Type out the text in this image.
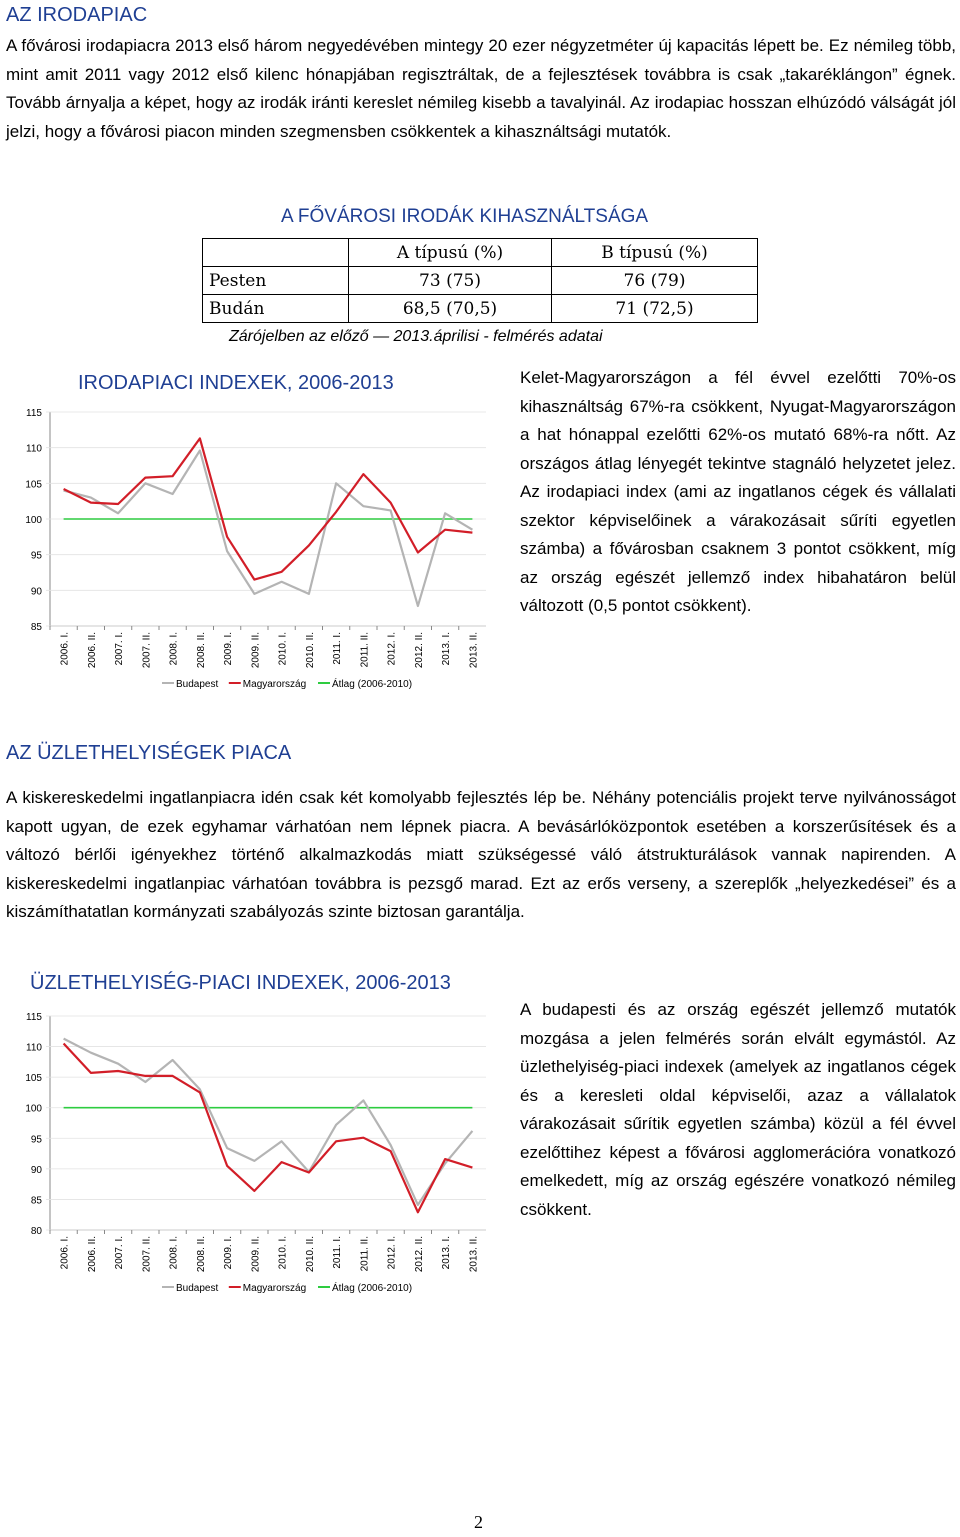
AZ IRODAPIAC
A fővárosi irodapiacra 2013 első három negyedévében mintegy 20 ezer négyzetméter új kapacitás lépett be. Ez némileg több, mint amit 2011 vagy 2012 első kilenc hónapjában regisztráltak, de a fejlesztések továbbra is csak „takaréklángon” égnek. Tovább árnyalja a képet, hogy az irodák iránti kereslet némileg kisebb a tavalyinál. Az irodapiac hosszan elhúzódó válságát jól jelzi, hogy a fővárosi piacon minden szegmensben csökkentek a kihasználtsági mutatók.
A FŐVÁROSI IRODÁK KIHASZNÁLTSÁGA
	A típusú (%)	B típusú (%)
Pesten	73 (75)	76 (79)
Budán	68,5 (70,5)	71 (72,5)
Zárójelben az előző — 2013.áprilisi - felmérés adatai
IRODAPIACI INDEXEK, 2006-2013
85
90
95
100
105
110
115
2006. I. 2006. II. 2007. I. 2007. II. 2008. I. 2008. II. 2009. I. 2009. II. 2010. I. 2010. II. 2011. I. 2011. II. 2012. I. 2012. II. 2013. I. 2013. II.
Budapest Magyarország	Átlag (2006-2010)
Kelet-Magyarországon a fél évvel ezelőtti 70%-os kihasználtság 67%-ra csökkent, Nyugat-Magyarországon a hat hónappal ezelőtti 62%-os mutató 68%-ra nőtt. Az országos átlag lényegét tekintve stagnáló helyzetet jelez. Az irodapiaci index (ami az ingatlanos cégek és vállalati szektor képviselőinek a várakozásait sűríti egyetlen számba) a fővárosban csaknem 3 pontot csökkent, míg az ország egészét jellemző index hibahatáron belül változott (0,5 pontot csökkent).
AZ ÜZLETHELYISÉGEK PIACA
A kiskereskedelmi ingatlanpiacra idén csak két komolyabb fejlesztés lép be. Néhány potenciális projekt terve nyilvánosságot kapott ugyan, de ezek egyhamar várhatóan nem lépnek piacra. A bevásárlóközpontok esetében a korszerűsítések és a változó bérlői igényekhez történő alkalmazkodás miatt szükségessé váló átstrukturálások vannak napirenden. A kiskereskedelmi ingatlanpiac várhatóan továbbra is pezsgő marad. Ezt az erős verseny, a szereplők „helyezkedései” és a kiszámíthatatlan kormányzati szabályozás szinte biztosan garantálja.
ÜZLETHELYISÉG-PIACI INDEXEK, 2006-2013
80
85
90
95
100
105
110
115
2006. I. 2006. II. 2007. I. 2007. II. 2008. I. 2008. II. 2009. I. 2009. II. 2010. I. 2010. II. 2011. I. 2011. II. 2012. I. 2012. II. 2013. I. 2013. II.
Budapest Magyarország	Átlag (2006-2010)
A budapesti és az ország egészét jellemző mutatók mozgása a jelen felmérés során elvált egymástól. Az üzlethelyiség-piaci indexek (amelyek az ingatlanos cégek és a keresleti oldal képviselői, azaz a vállalatok várakozásait sűrítik egyetlen számba) közül a fél évvel ezelőttihez képest a fővárosi agglomerációra vonatkozó emelkedett, míg az ország egészére vonatkozó némileg csökkent.
2
